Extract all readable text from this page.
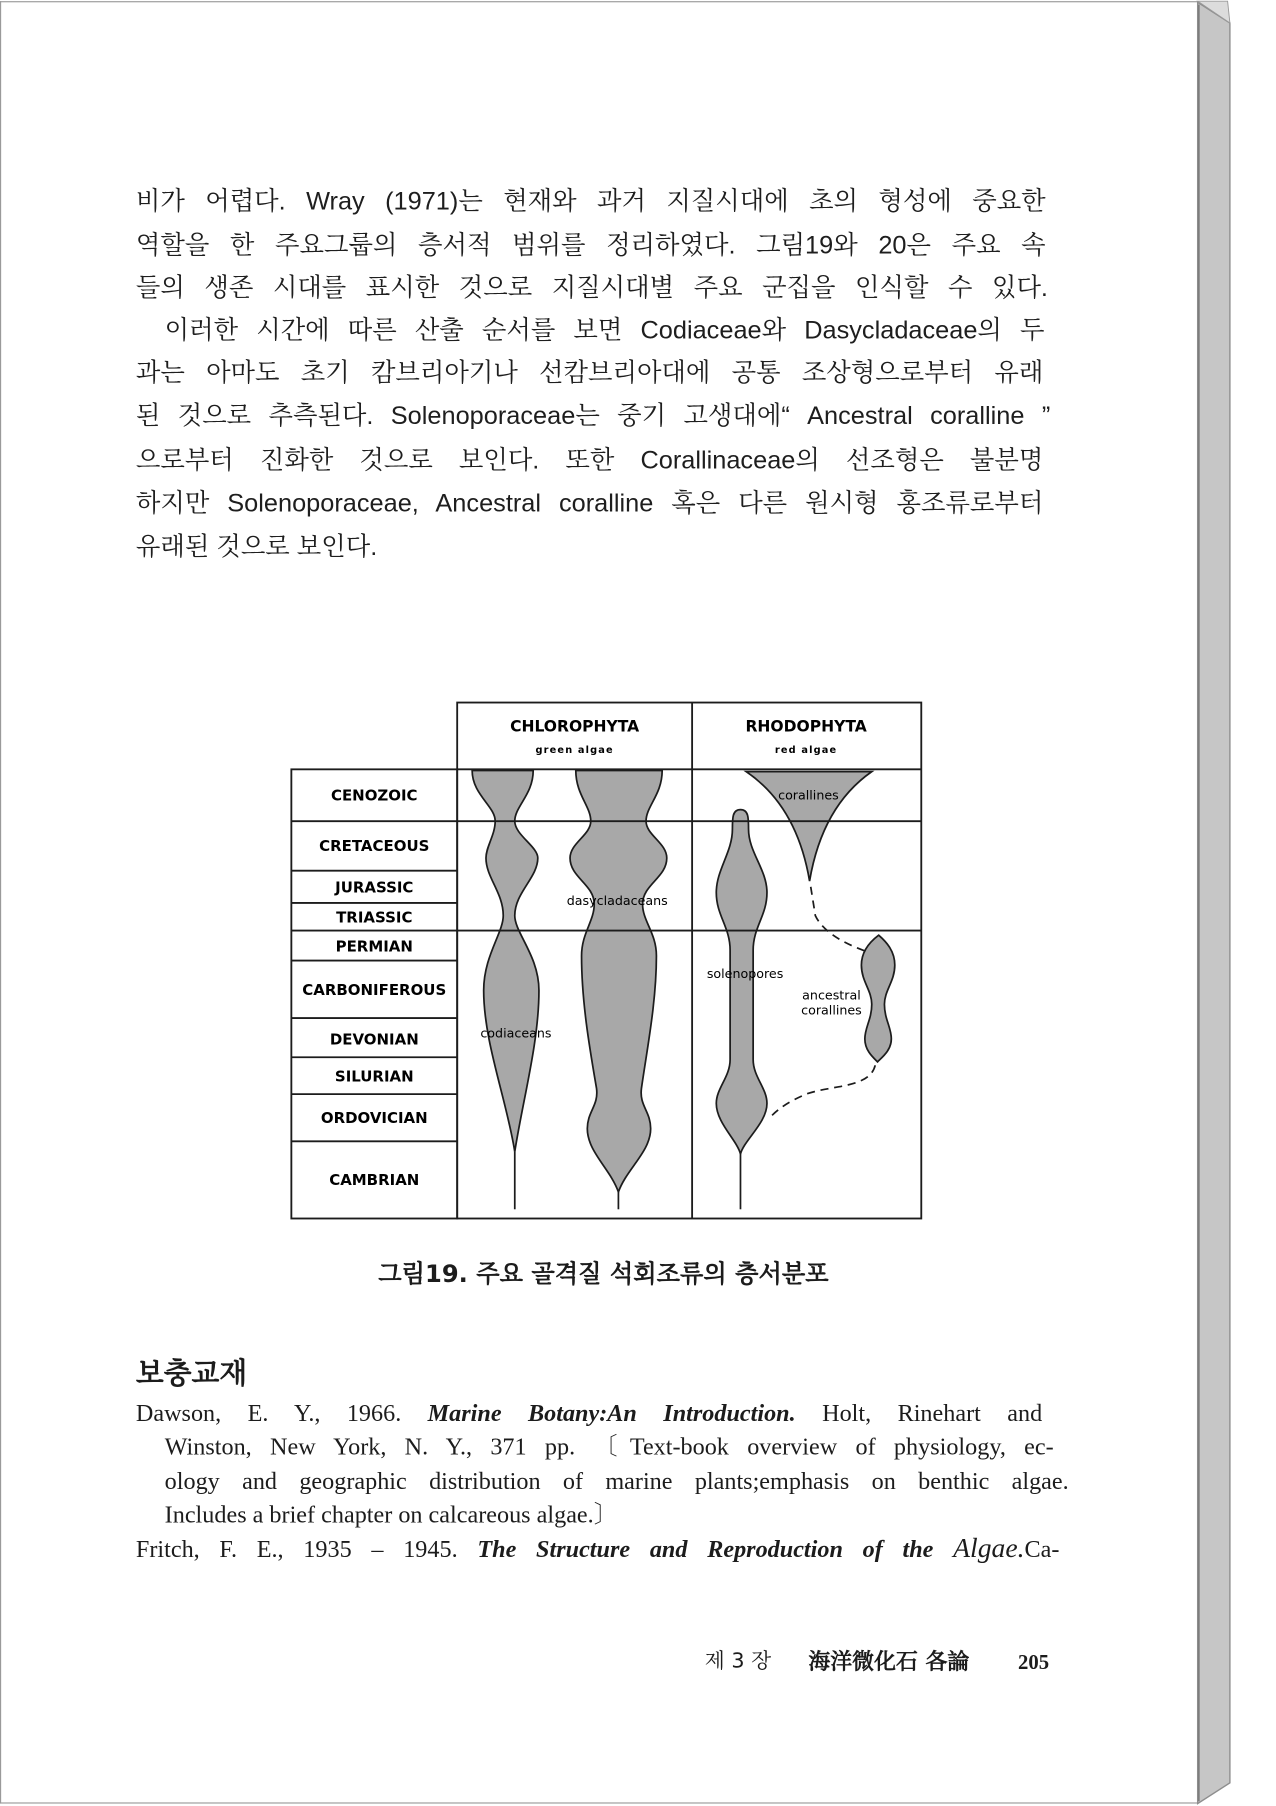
비가 어렵다. Wray (1971)는 현재와 과거 지질시대에 초의 형성에 중요한
역할을 한 주요그룹의 층서적 범위를 정리하였다. 그림19와 20은 주요 속
들의 생존 시대를 표시한 것으로 지질시대별 주요 군집을 인식할 수 있다.
이러한 시간에 따른 산출 순서를 보면 Codiaceae와 Dasycladaceae의 두
과는 아마도 초기 캄브리아기나 선캄브리아대에 공통 조상형으로부터 유래
된 것으로 추측된다. Solenoporaceae는 중기 고생대에“ Ancestral coralline ”
으로부터 진화한 것으로 보인다. 또한 Corallinaceae의 선조형은 불분명
하지만 Solenoporaceae, Ancestral coralline 혹은 다른 원시형 홍조류로부터
유래된 것으로 보인다.
CHLOROPHYTA
green algae
RHODOPHYTA
red algae
CENOZOIC
CRETACEOUS
JURASSIC
TRIASSIC
PERMIAN
CARBONIFEROUS
DEVONIAN
SILURIAN
ORDOVICIAN
CAMBRIAN
corallines
dasycladaceans
solenopores
ancestral
corallines
codiaceans
그림19. 주요 골격질 석회조류의 층서분포
보충교재
Dawson, E. Y., 1966. Marine Botany:An Introduction. Holt, Rinehart and
Winston, New York, N. Y., 371 pp. 〔Text-book overview of physiology, ec-
ology and geographic distribution of marine plants;emphasis on benthic algae.
Includes a brief chapter on calcareous algae.〕
Fritch, F. E., 1935 – 1945. The Structure and Reproduction of the Algae.Ca-
제 3 장 海洋微化石 各論	205
